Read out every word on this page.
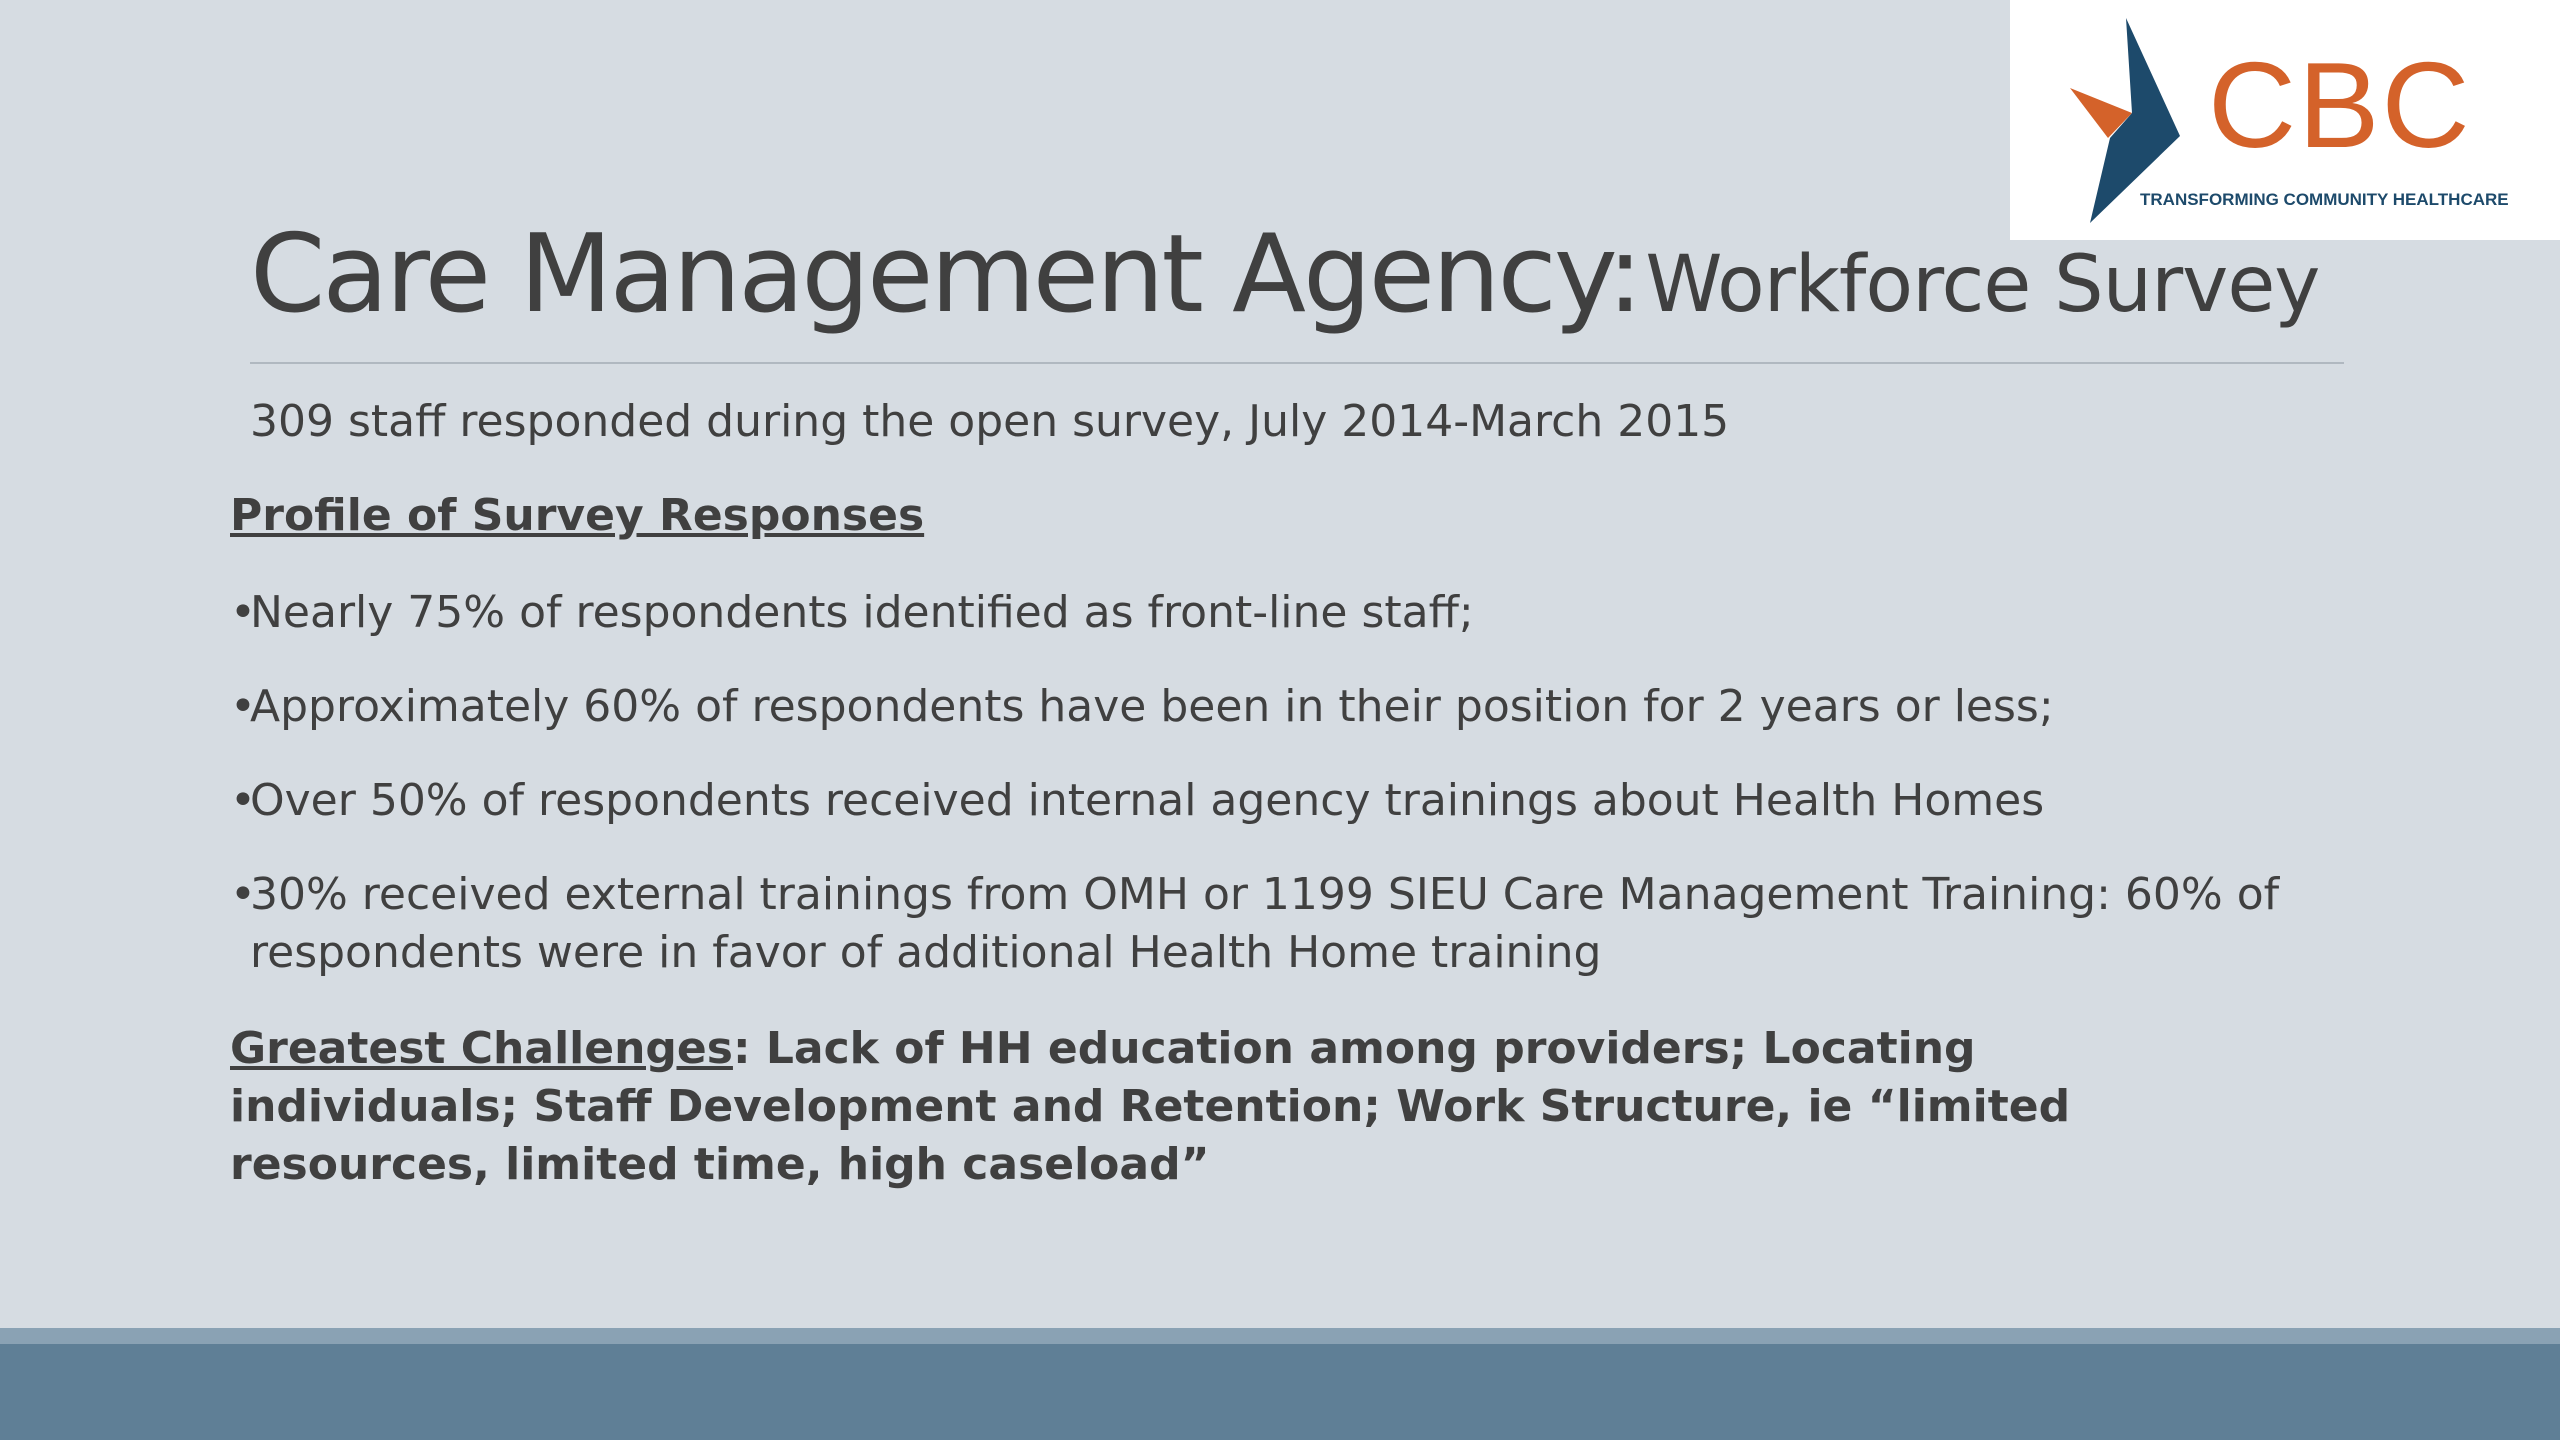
CBC
TRANSFORMING COMMUNITY HEALTHCARE
Care Management Agency: Workforce Survey
309 staff responded during the open survey, July 2014-March 2015
Profile of Survey Responses
•Nearly 75% of respondents identified as front-line staff;
•Approximately 60% of respondents have been in their position for 2 years or less;
•Over 50% of respondents received internal agency trainings about Health Homes
•30% received external trainings from OMH or 1199 SIEU Care Management Training: 60% of respondents were in favor of additional Health Home training
Greatest Challenges: Lack of HH education among providers; Locating individuals; Staff Development and Retention; Work Structure, ie “limited resources, limited time, high caseload”
